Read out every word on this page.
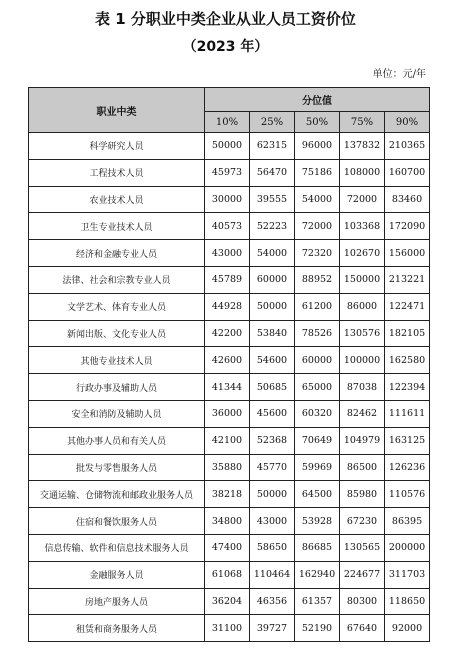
表 1 分职业中类企业从业人员工资价位
（2023 年）
单位：元/年
职业中类	分位值				
	10%	25%	50%	75%	90%
科学研究人员	50000	62315	96000	137832	210365
工程技术人员	45973	56470	75186	108000	160700
农业技术人员	30000	39555	54000	72000	83460
卫生专业技术人员	40573	52223	72000	103368	172090
经济和金融专业人员	43000	54000	72320	102670	156000
法律、社会和宗教专业人员	45789	60000	88952	150000	213221
文学艺术、体育专业人员	44928	50000	61200	86000	122471
新闻出版、文化专业人员	42200	53840	78526	130576	182105
其他专业技术人员	42600	54600	60000	100000	162580
行政办事及辅助人员	41344	50685	65000	87038	122394
安全和消防及辅助人员	36000	45600	60320	82462	111611
其他办事人员和有关人员	42100	52368	70649	104979	163125
批发与零售服务人员	35880	45770	59969	86500	126236
交通运输、仓储物流和邮政业服务人员	38218	50000	64500	85980	110576
住宿和餐饮服务人员	34800	43000	53928	67230	86395
信息传输、软件和信息技术服务人员	47400	58650	86685	130565	200000
金融服务人员	61068	110464	162940	224677	311703
房地产服务人员	36204	46356	61357	80300	118650
租赁和商务服务人员	31100	39727	52190	67640	92000
